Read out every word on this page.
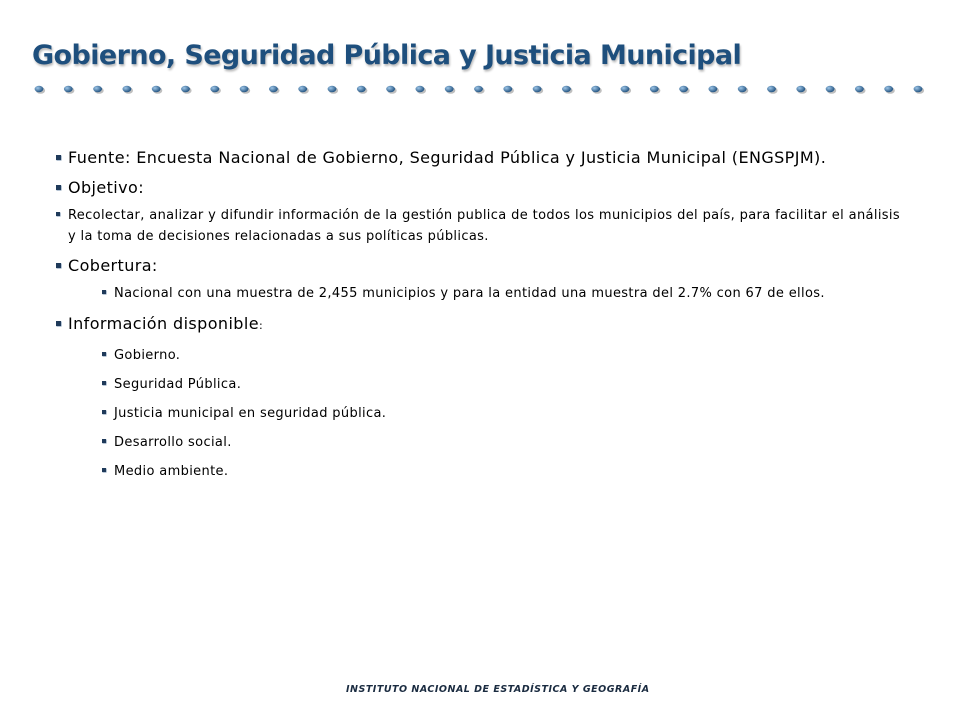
Gobierno, Seguridad Pública y Justicia Municipal
Fuente: Encuesta Nacional de Gobierno, Seguridad Pública y Justicia Municipal (ENGSPJM).
Objetivo:
Recolectar, analizar y difundir información de la gestión publica de todos los municipios del país, para facilitar el análisis y la toma de decisiones relacionadas a sus políticas públicas.
Cobertura:
Nacional con una muestra de 2,455 municipios y para la entidad una muestra del 2.7% con 67 de ellos.
Información disponible:
Gobierno.
Seguridad Pública.
Justicia municipal en seguridad pública.
Desarrollo social.
Medio ambiente.
INSTITUTO NACIONAL DE ESTADÍSTICA Y GEOGRAFÍA
